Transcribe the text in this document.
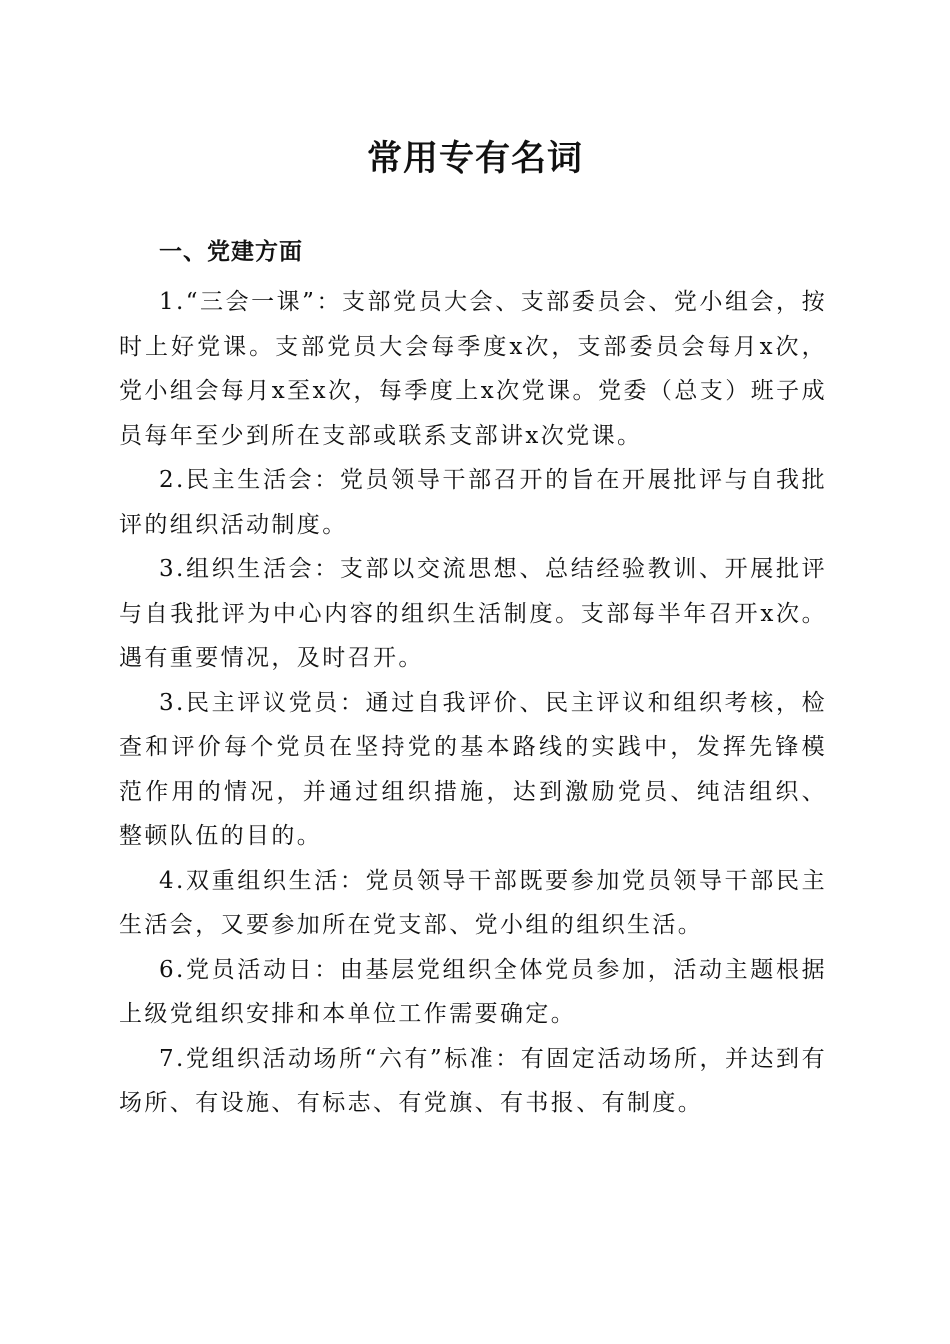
常用专有名词
一、党建方面

1.“三会一课”：支部党员大会、支部委员会、党小组会，按时上好党课。支部党员大会每季度x次，支部委员会每月x次，党小组会每月x至x次，每季度上x次党课。党委（总支）班子成员每年至少到所在支部或联系支部讲x次党课。

2.民主生活会：党员领导干部召开的旨在开展批评与自我批评的组织活动制度。

3.组织生活会：支部以交流思想、总结经验教训、开展批评与自我批评为中心内容的组织生活制度。支部每半年召开x次。遇有重要情况，及时召开。

3.民主评议党员：通过自我评价、民主评议和组织考核，检查和评价每个党员在坚持党的基本路线的实践中，发挥先锋模范作用的情况，并通过组织措施，达到激励党员、纯洁组织、整顿队伍的目的。

4.双重组织生活：党员领导干部既要参加党员领导干部民主生活会，又要参加所在党支部、党小组的组织生活。

6.党员活动日：由基层党组织全体党员参加，活动主题根据上级党组织安排和本单位工作需要确定。

7.党组织活动场所“六有”标准：有固定活动场所，并达到有场所、有设施、有标志、有党旗、有书报、有制度。
